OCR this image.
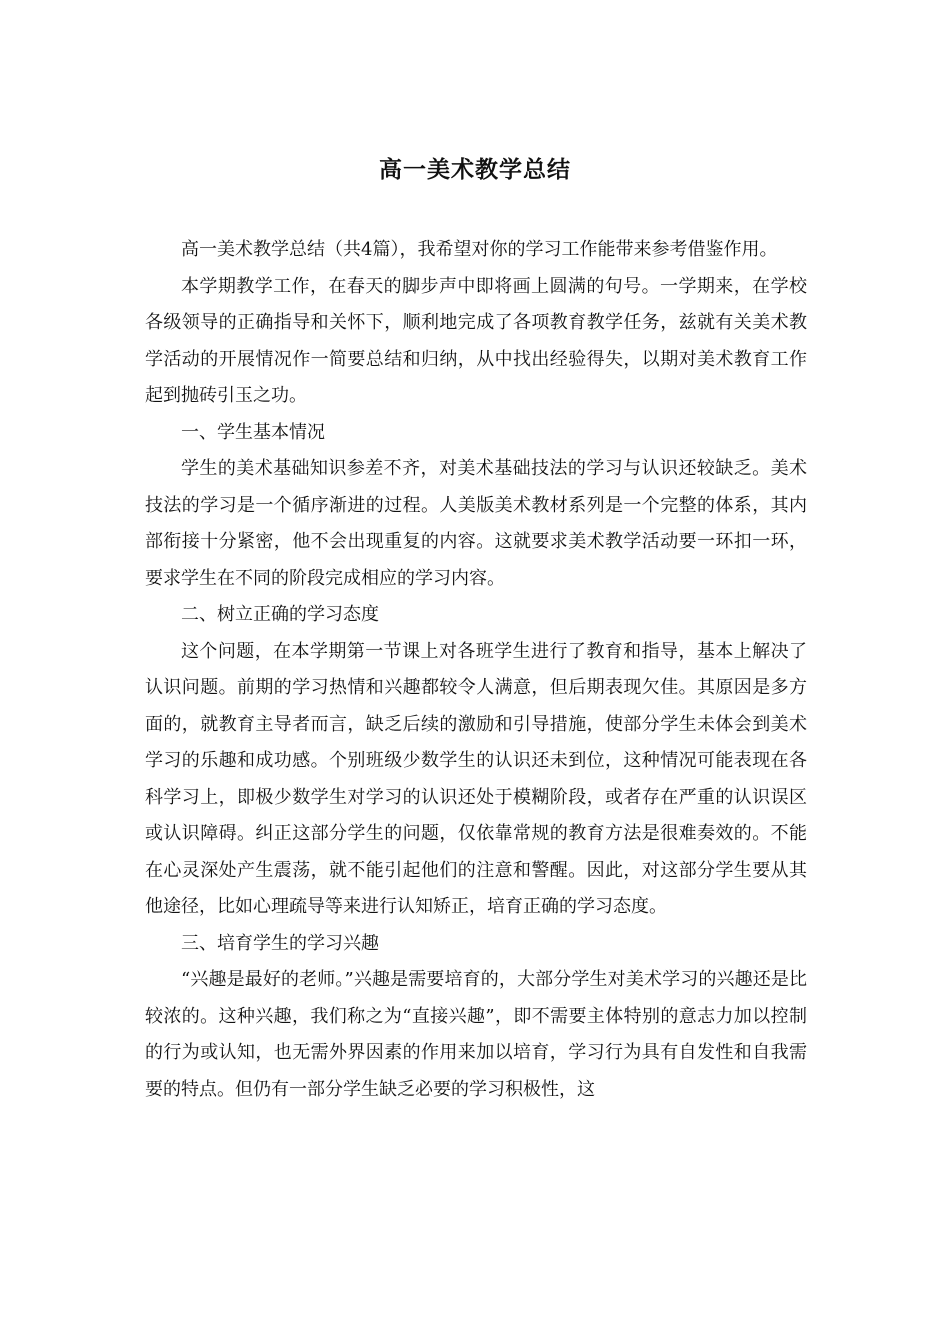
高一美术教学总结

高一美术教学总结（共4篇），我希望对你的学习工作能带来参考借鉴作用。

本学期教学工作，在春天的脚步声中即将画上圆满的句号。一学期来，在学校各级领导的正确指导和关怀下，顺利地完成了各项教育教学任务，兹就有关美术教学活动的开展情况作一简要总结和归纳，从中找出经验得失，以期对美术教育工作起到抛砖引玉之功。

一、学生基本情况

学生的美术基础知识参差不齐，对美术基础技法的学习与认识还较缺乏。美术技法的学习是一个循序渐进的过程。人美版美术教材系列是一个完整的体系，其内部衔接十分紧密，他不会出现重复的内容。这就要求美术教学活动要一环扣一环，要求学生在不同的阶段完成相应的学习内容。

二、树立正确的学习态度

这个问题，在本学期第一节课上对各班学生进行了教育和指导，基本上解决了认识问题。前期的学习热情和兴趣都较令人满意，但后期表现欠佳。其原因是多方面的，就教育主导者而言，缺乏后续的激励和引导措施，使部分学生未体会到美术学习的乐趣和成功感。个别班级少数学生的认识还未到位，这种情况可能表现在各科学习上，即极少数学生对学习的认识还处于模糊阶段，或者存在严重的认识误区或认识障碍。纠正这部分学生的问题，仅依靠常规的教育方法是很难奏效的。不能在心灵深处产生震荡，就不能引起他们的注意和警醒。因此，对这部分学生要从其他途径，比如心理疏导等来进行认知矫正，培育正确的学习态度。

三、培育学生的学习兴趣

“兴趣是最好的老师。”兴趣是需要培育的，大部分学生对美术学习的兴趣还是比较浓的。这种兴趣，我们称之为“直接兴趣”，即不需要主体特别的意志力加以控制的行为或认知，也无需外界因素的作用来加以培育，学习行为具有自发性和自我需要的特点。但仍有一部分学生缺乏必要的学习积极性，这
